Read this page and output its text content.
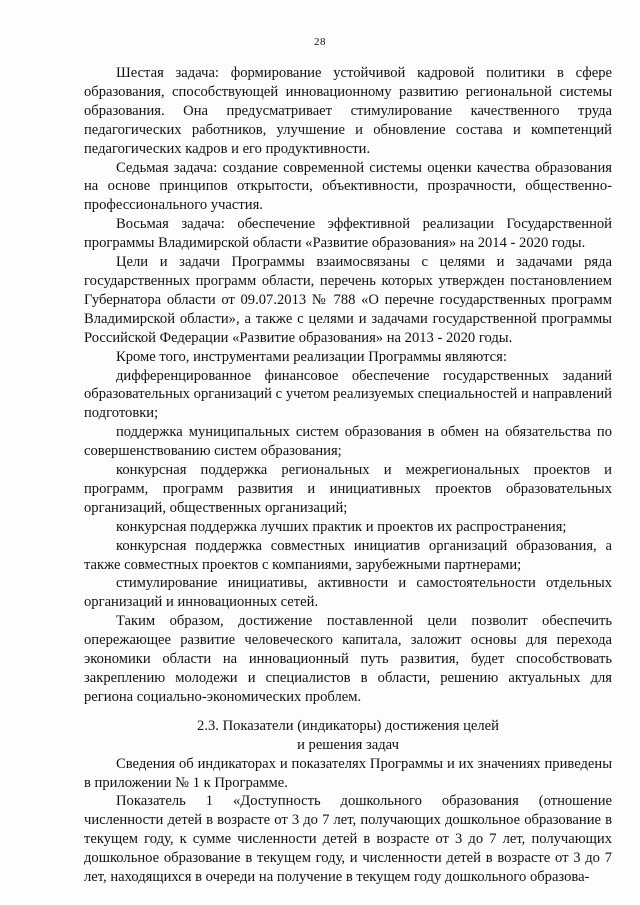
28

Шестая задача: формирование устойчивой кадровой политики в сфере образования, способствующей инновационному развитию региональной системы образования. Она предусматривает стимулирование качественного труда педагогических работников, улучшение и обновление состава и компетенций педагогических кадров и его продуктивности.

Седьмая задача: создание современной системы оценки качества образования на основе принципов открытости, объективности, прозрачности, общественно-профессионального участия.

Восьмая задача: обеспечение эффективной реализации Государственной программы Владимирской области «Развитие образования» на 2014 - 2020 годы.

Цели и задачи Программы взаимосвязаны с целями и задачами ряда государственных программ области, перечень которых утвержден постановлением Губернатора области от 09.07.2013 № 788 «О перечне государственных программ Владимирской области», а также с целями и задачами государственной программы Российской Федерации «Развитие образования» на 2013 - 2020 годы.

Кроме того, инструментами реализации Программы являются:

дифференцированное финансовое обеспечение государственных заданий образовательных организаций с учетом реализуемых специальностей и направлений подготовки;

поддержка муниципальных систем образования в обмен на обязательства по совершенствованию систем образования;

конкурсная поддержка региональных и межрегиональных проектов и программ, программ развития и инициативных проектов образовательных организаций, общественных организаций;

конкурсная поддержка лучших практик и проектов их распространения;

конкурсная поддержка совместных инициатив организаций образования, а также совместных проектов с компаниями, зарубежными партнерами;

стимулирование инициативы, активности и самостоятельности отдельных организаций и инновационных сетей.

Таким образом, достижение поставленной цели позволит обеспечить опережающее развитие человеческого капитала, заложит основы для перехода экономики области на инновационный путь развития, будет способствовать закреплению молодежи и специалистов в области, решению актуальных для региона социально-экономических проблем.

2.3. Показатели (индикаторы) достижения целей
и решения задач

Сведения об индикаторах и показателях Программы и их значениях приведены в приложении № 1 к Программе.

Показатель 1 «Доступность дошкольного образования (отношение численности детей в возрасте от 3 до 7 лет, получающих дошкольное образование в текущем году, к сумме численности детей в возрасте от 3 до 7 лет, получающих дошкольное образование в текущем году, и численности детей в возрасте от 3 до 7 лет, находящихся в очереди на получение в текущем году дошкольного образова-
